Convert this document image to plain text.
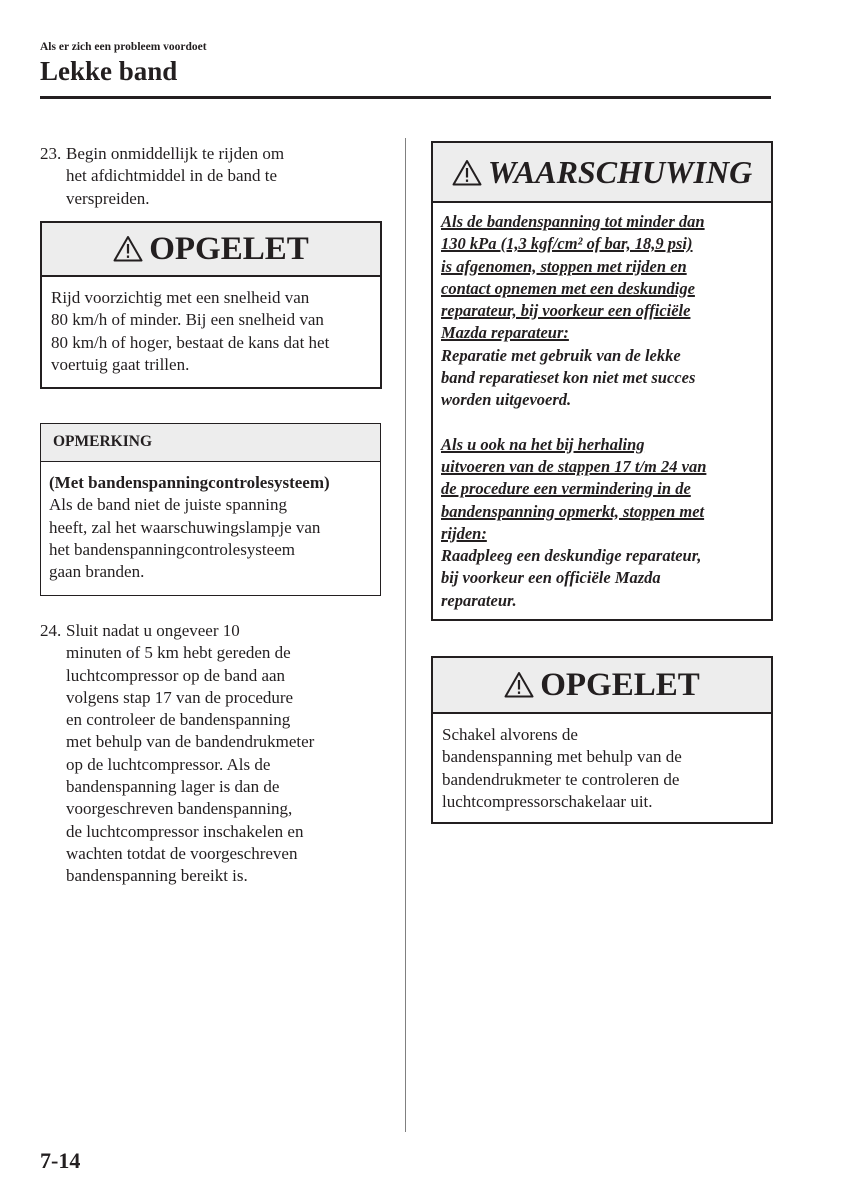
Als er zich een probleem voordoet
Lekke band
23. Begin onmiddellijk te rijden om
het afdichtmiddel in de band te
verspreiden.
OPGELET
Rijd voorzichtig met een snelheid van
80 km/h of minder. Bij een snelheid van
80 km/h of hoger, bestaat de kans dat het
voertuig gaat trillen.
OPMERKING
(Met bandenspanningcontrolesysteem)
Als de band niet de juiste spanning
heeft, zal het waarschuwingslampje van
het bandenspanningcontrolesysteem
gaan branden.
24. Sluit nadat u ongeveer 10
minuten of 5 km hebt gereden de
luchtcompressor op de band aan
volgens stap 17 van de procedure
en controleer de bandenspanning
met behulp van de bandendrukmeter
op de luchtcompressor. Als de
bandenspanning lager is dan de
voorgeschreven bandenspanning,
de luchtcompressor inschakelen en
wachten totdat de voorgeschreven
bandenspanning bereikt is.
WAARSCHUWING
Als de bandenspanning tot minder dan
130 kPa (1,3 kgf/cm² of bar, 18,9 psi)
is afgenomen, stoppen met rijden en
contact opnemen met een deskundige
reparateur, bij voorkeur een officiële
Mazda reparateur:
Reparatie met gebruik van de lekke
band reparatieset kon niet met succes
worden uitgevoerd.
Als u ook na het bij herhaling
uitvoeren van de stappen 17 t/m 24 van
de procedure een vermindering in de
bandenspanning opmerkt, stoppen met
rijden:
Raadpleeg een deskundige reparateur,
bij voorkeur een officiële Mazda
reparateur.
OPGELET
Schakel alvorens de
bandenspanning met behulp van de
bandendrukmeter te controleren de
luchtcompressorschakelaar uit.
7-14
